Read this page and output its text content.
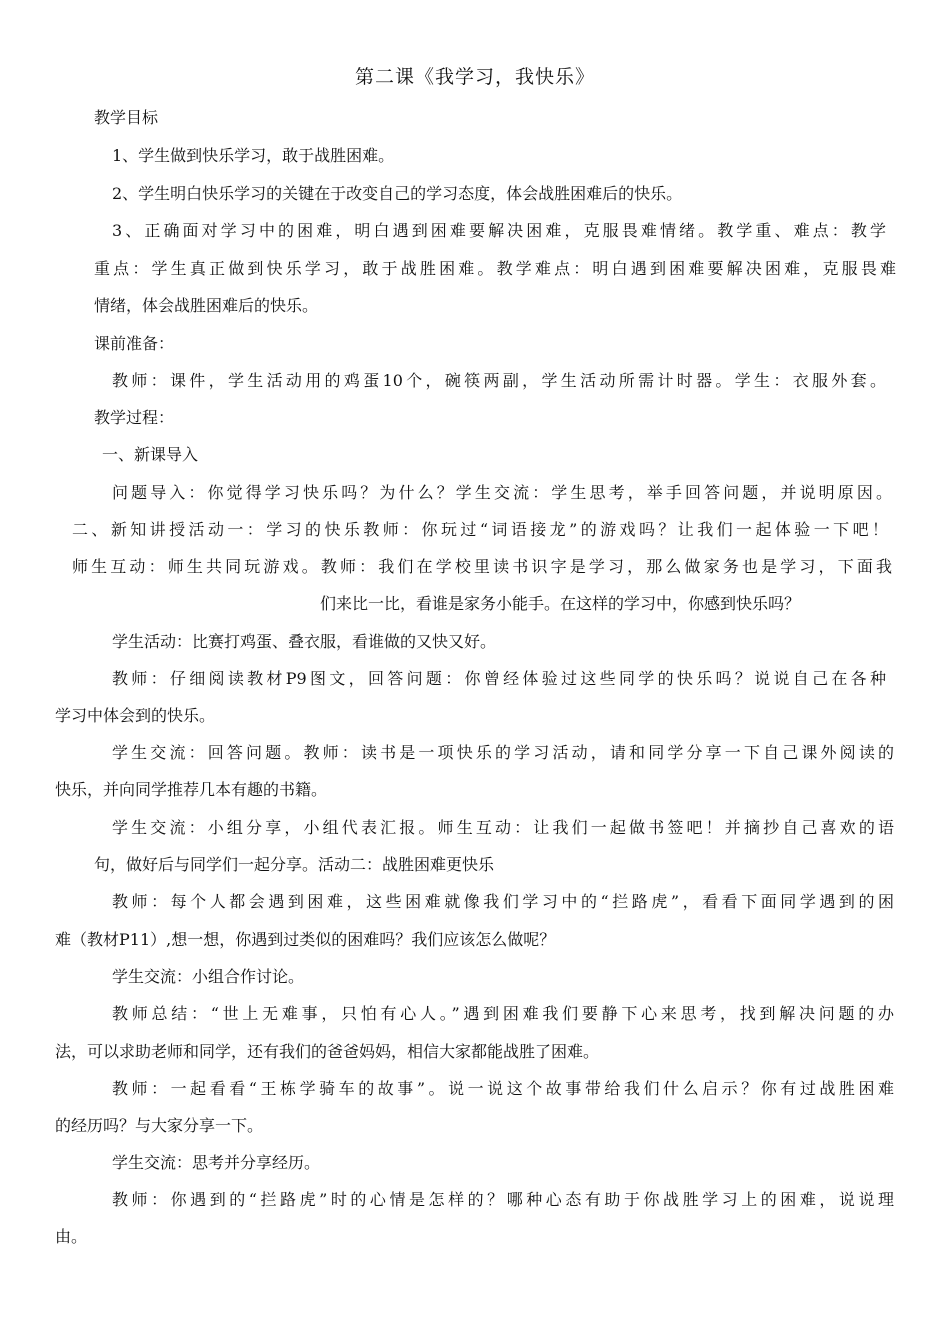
第二课《我学习，我快乐》
教学目标
1、学生做到快乐学习，敢于战胜困难。
2、学生明白快乐学习的关键在于改变自己的学习态度，体会战胜困难后的快乐。
3、正确面对学习中的困难，明白遇到困难要解决困难，克服畏难情绪。教学重、难点：教学
重点：学生真正做到快乐学习，敢于战胜困难。教学难点：明白遇到困难要解决困难，克服畏难
情绪，体会战胜困难后的快乐。
课前准备：
教师：课件，学生活动用的鸡蛋10个，碗筷两副，学生活动所需计时器。学生：衣服外套。
教学过程：
一、新课导入
问题导入：你觉得学习快乐吗？为什么？学生交流：学生思考，举手回答问题，并说明原因。
二、新知讲授活动一：学习的快乐教师：你玩过“词语接龙”的游戏吗？让我们一起体验一下吧！
师生互动：师生共同玩游戏。教师：我们在学校里读书识字是学习，那么做家务也是学习，下面我
们来比一比，看谁是家务小能手。在这样的学习中，你感到快乐吗？
学生活动：比赛打鸡蛋、叠衣服，看谁做的又快又好。
教师：仔细阅读教材P9图文，回答问题：你曾经体验过这些同学的快乐吗？说说自己在各种
学习中体会到的快乐。
学生交流：回答问题。教师：读书是一项快乐的学习活动，请和同学分享一下自己课外阅读的
快乐，并向同学推荐几本有趣的书籍。
学生交流：小组分享，小组代表汇报。师生互动：让我们一起做书签吧！并摘抄自己喜欢的语
句，做好后与同学们一起分享。活动二：战胜困难更快乐
教师：每个人都会遇到困难，这些困难就像我们学习中的“拦路虎”，看看下面同学遇到的困
难（教材P11）,想一想，你遇到过类似的困难吗？我们应该怎么做呢？
学生交流：小组合作讨论。
教师总结：“世上无难事，只怕有心人。”遇到困难我们要静下心来思考，找到解决问题的办
法，可以求助老师和同学，还有我们的爸爸妈妈，相信大家都能战胜了困难。
教师：一起看看“王栋学骑车的故事”。说一说这个故事带给我们什么启示？你有过战胜困难
的经历吗？与大家分享一下。
学生交流：思考并分享经历。
教师：你遇到的“拦路虎”时的心情是怎样的？哪种心态有助于你战胜学习上的困难，说说理
由。
